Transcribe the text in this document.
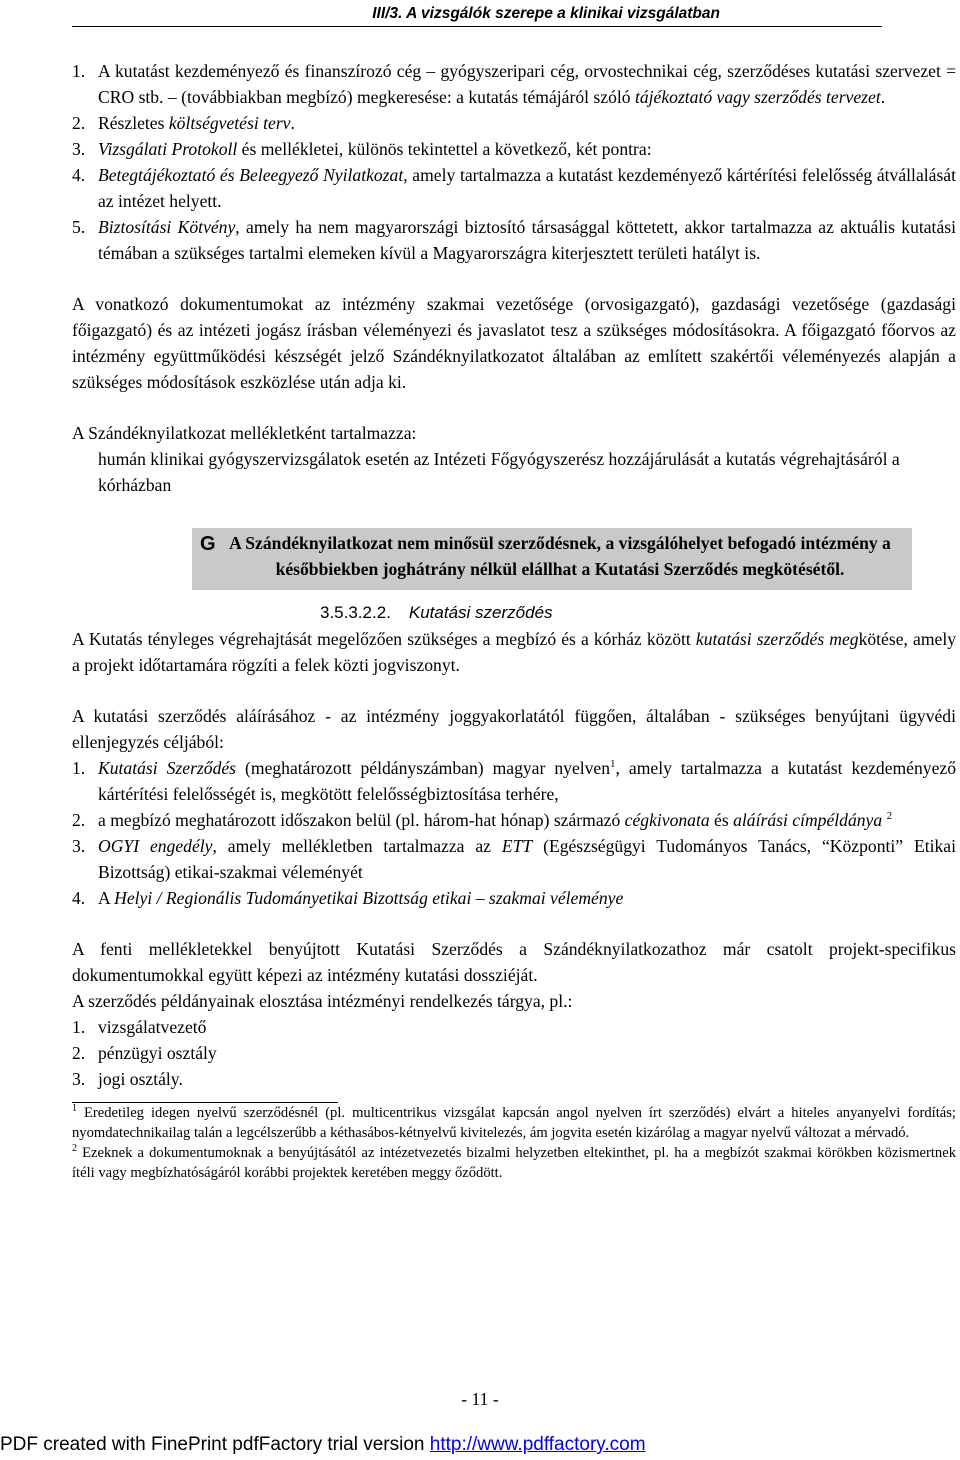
III/3. A vizsgálók szerepe a klinikai vizsgálatban
1. A kutatást kezdeményező és finanszírozó cég – gyógyszeripari cég, orvostechnikai cég, szerződéses kutatási szervezet = CRO stb. – (továbbiakban megbízó) megkeresése: a kutatás témájáról szóló tájékoztató vagy szerződés tervezet.
2. Részletes költségvetési terv.
3. Vizsgálati Protokoll és mellékletei, különös tekintettel a következő, két pontra:
4. Betegtájékoztató és Beleegyező Nyilatkozat, amely tartalmazza a kutatást kezdeményező kártérítési felelősség átvállalását az intézet helyett.
5. Biztosítási Kötvény, amely ha nem magyarországi biztosító társasággal köttetett, akkor tartalmazza az aktuális kutatási témában a szükséges tartalmi elemeken kívül a Magyarországra kiterjesztett területi hatályt is.

A vonatkozó dokumentumokat az intézmény szakmai vezetősége (orvosigazgató), gazdasági vezetősége (gazdasági főigazgató) és az intézeti jogász írásban véleményezi és javaslatot tesz a szükséges módosításokra. A főigazgató főorvos az intézmény együttműködési készségét jelző Szándéknyilatkozatot általában az említett szakértői véleményezés alapján a szükséges módosítások eszközlése után adja ki.

A Szándéknyilatkozat mellékletként tartalmazza:

humán klinikai gyógyszervizsgálatok esetén az Intézeti Főgyógyszerész hozzájárulását a kutatás végrehajtásáról a kórházban

G A Szándéknyilatkozat nem minősül szerződésnek, a vizsgálóhelyet befogadó intézmény a későbbiekben joghátrány nélkül elállhat a Kutatási Szerződés megkötésétől.
3.5.3.2.2. Kutatási szerződés

A Kutatás tényleges végrehajtását megelőzően szükséges a megbízó és a kórház között kutatási szerződés megkötése, amely a projekt időtartamára rögzíti a felek közti jogviszonyt.

A kutatási szerződés aláírásához - az intézmény joggyakorlatától függően, általában - szükséges benyújtani ügyvédi ellenjegyzés céljából:

1. Kutatási Szerződés (meghatározott példányszámban) magyar nyelven$^1$, amely tartalmazza a kutatást kezdeményező kártérítési felelősségét is, megkötött felelősségbiztosítása terhére,
2. a megbízó meghatározott időszakon belül (pl. három-hat hónap) származó cégkivonata és aláírási címpéldánya $^2$
3. OGYI engedély, amely mellékletben tartalmazza az ETT (Egészségügyi Tudományos Tanács, “Központi” Etikai Bizottság) etikai-szakmai véleményét
4. A Helyi / Regionális Tudományetikai Bizottság etikai – szakmai véleménye

A fenti mellékletekkel benyújtott Kutatási Szerződés a Szándéknyilatkozathoz már csatolt projekt-specifikus dokumentumokkal együtt képezi az intézmény kutatási dossziéját.

A szerződés példányainak elosztása intézményi rendelkezés tárgya, pl.:

1. vizsgálatvezető
2. pénzügyi osztály
3. jogi osztály.
$^1$ Eredetileg idegen nyelvű szerződésnél (pl. multicentrikus vizsgálat kapcsán angol nyelven írt szerződés) elvárt a hiteles anyanyelvi fordítás; nyomdatechnikailag talán a legcélszerűbb a kéthasábos-kétnyelvű kivitelezés, ám jogvita esetén kizárólag a magyar nyelvű változat a mérvadó.
$^2$ Ezeknek a dokumentumoknak a benyújtásától az intézetvezetés bizalmi helyzetben eltekinthet, pl. ha a megbízót szakmai körökben közismertnek ítéli vagy megbízhatóságáról korábbi projektek keretében meggy őződött.
- 11 -
PDF created with FinePrint pdfFactory trial version http://www.pdffactory.com
